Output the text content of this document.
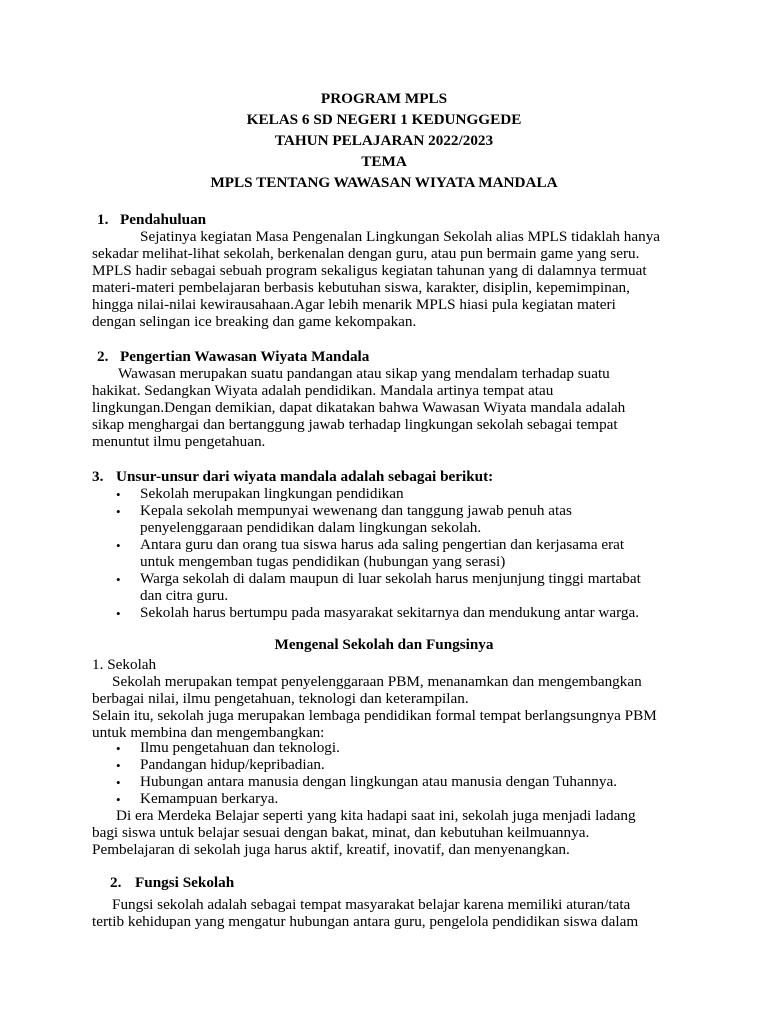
PROGRAM MPLS
KELAS 6 SD NEGERI 1 KEDUNGGEDE
TAHUN PELAJARAN 2022/2023
TEMA
MPLS TENTANG WAWASAN WIYATA MANDALA
1. Pendahuluan
Sejatinya kegiatan Masa Pengenalan Lingkungan Sekolah alias MPLS tidaklah hanya
sekadar melihat-lihat sekolah, berkenalan dengan guru, atau pun bermain game yang seru.
MPLS hadir sebagai sebuah program sekaligus kegiatan tahunan yang di dalamnya termuat
materi-materi pembelajaran berbasis kebutuhan siswa, karakter, disiplin, kepemimpinan,
hingga nilai-nilai kewirausahaan.Agar lebih menarik MPLS hiasi pula kegiatan materi
dengan selingan ice breaking dan game kekompakan.
2. Pengertian Wawasan Wiyata Mandala
Wawasan merupakan suatu pandangan atau sikap yang mendalam terhadap suatu
hakikat. Sedangkan Wiyata adalah pendidikan. Mandala artinya tempat atau
lingkungan.Dengan demikian, dapat dikatakan bahwa Wawasan Wiyata mandala adalah
sikap menghargai dan bertanggung jawab terhadap lingkungan sekolah sebagai tempat
menuntut ilmu pengetahuan.
3. Unsur-unsur dari wiyata mandala adalah sebagai berikut:
• Sekolah merupakan lingkungan pendidikan
• Kepala sekolah mempunyai wewenang dan tanggung jawab penuh atas
penyelenggaraan pendidikan dalam lingkungan sekolah.
• Antara guru dan orang tua siswa harus ada saling pengertian dan kerjasama erat
untuk mengemban tugas pendidikan (hubungan yang serasi)
• Warga sekolah di dalam maupun di luar sekolah harus menjunjung tinggi martabat
dan citra guru.
• Sekolah harus bertumpu pada masyarakat sekitarnya dan mendukung antar warga.
Mengenal Sekolah dan Fungsinya
1. Sekolah
Sekolah merupakan tempat penyelenggaraan PBM, menanamkan dan mengembangkan
berbagai nilai, ilmu pengetahuan, teknologi dan keterampilan.
Selain itu, sekolah juga merupakan lembaga pendidikan formal tempat berlangsungnya PBM
untuk membina dan mengembangkan:
• Ilmu pengetahuan dan teknologi.
• Pandangan hidup/kepribadian.
• Hubungan antara manusia dengan lingkungan atau manusia dengan Tuhannya.
• Kemampuan berkarya.
Di era Merdeka Belajar seperti yang kita hadapi saat ini, sekolah juga menjadi ladang
bagi siswa untuk belajar sesuai dengan bakat, minat, dan kebutuhan keilmuannya.
Pembelajaran di sekolah juga harus aktif, kreatif, inovatif, dan menyenangkan.
2. Fungsi Sekolah
Fungsi sekolah adalah sebagai tempat masyarakat belajar karena memiliki aturan/tata
tertib kehidupan yang mengatur hubungan antara guru, pengelola pendidikan siswa dalam
